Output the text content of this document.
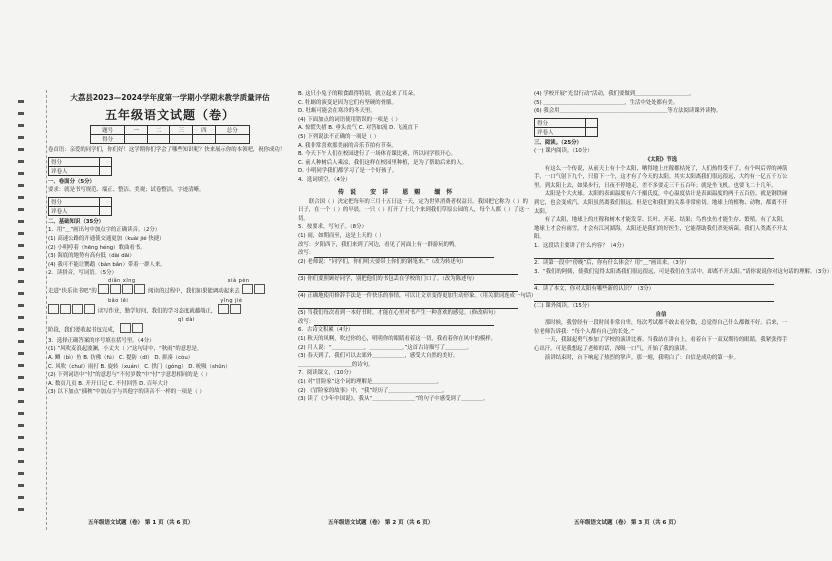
大荔县2023—2024学年度第一学期小学期末教学质量评估
五年级语文试题（卷）
题号	一	二	三	四	总分
得分					
卷首语：亲爱的同学们，你们好！这学期你们学会了哪些知识呢？快来展示你的本领吧，祝你成功！
得分	
评卷人	
一、卷面分（5分）
要求：就是书写规范、端正、整洁、美观；试卷整洁，字迹清晰。
得分	
评卷人	
二、基础知识（35分）
1．用“＿”画出句中加点字的正确读音。（2分）
(1) 高速公路的开通使交通更加（kuài jié 快捷）
(2) 小明哼着（hēng héng）歌曲看书。
(3) 海底的地势有高有低（dài dāi）
(4) 我可不能让鹦鹉（bàn bǎn）带着一群人来。
2．读拼音，写词语。（5分）
diǎn xīng	xià pèn
走进“快乐读书吧”的	阅读的过程中，我们如果能调动起来去
bǎo lěi	yǐng jiè
读写作业，勤学好问，我们的学习态度就越端正，
qī dài
阶段，我们要收起书包完成，
3．选择正确答案的序号填在括号里。（4分）
(1) “风吹麦浪起波澜，小丈夫（ ）”这句诗中，“秋雨”的意思是。
A. 鲫（bì）鱼 B. 仿佛（fú） C. 提防（dī） D. 拼凑（còu）
C. 风吹（chuī）雨打 B. 旋转（xuán） C. 拱门（gǒng） D. 吮吸（shǔn）
(2) 下列词语中“付”的意思与“不付岁数”中“付”字意思相同的是（ ）
A. 数页几页 B. 开开日记 C. 不付回答 D. 百年大计
(3) 以下加点“插秧”中加点字与其他字的读音不一样的一项是（ ）
五年级语文试题（卷） 第 1 页（共 6 页）
B. 这只小兔子的粮食跟得特别，就立起来了耳朵。
C. 牡蛎的演变是因为它们有坚硬的骨骼。
D. 牡蛎可能会在寒冷的冬天里。
(4) 下面加点的词语使用错误的一项是（ ）
A. 惊慌失措 B. 垂头丧气 C. 对答如流 D. 飞流直下
(5) 下列说法不正确的一项是（ ）
A. 我非常喜欢那美丽的音乐节拍有节奏。
B. 今天下午人们在校园进行了一场体育课比赛，所以同学很开心。
C. 前人种树后人乘凉，我们这样在校园里种植，是为了帮助后来的人。
D. 小明同学我们都学习了是一个好孩子。
4．选词填空。（4分）
传说 安详 恩赐 缅怀
联合国（ ）决定把每年的三月十五日这一天，定为世界消费者权益日。我国把它称为（ ）的日子，在一个（ ）的早晨，一只（ ）打开了十几个来到我们草原公园的人，每个人都（ ）了这一切。
5．按要求，写句子。（8分）
(1) 雨，如期而至，这是上天的（ ）
改写：夕阳西下，我们来到了河边，看见了河面上有一群游玩的鸭。
改写：
(2) 老师说：“同学们，你们明天要带上你们的钢笔来。”（改为转述句）
(3) 你们要照顾好同学，别把他们的书包丢在学校的门口了。（改为陈述句）
(4) 正确地使用修辞手法是一件快乐的事情，可以让文章变得更加生动形象。（用关联词连成一句话）
(5) 当我们每次看到一本好书时，才能在心里对书产生一种喜欢的感觉。（修改病句）
改写：
6．古诗文积累（4分）
(1) 秋天的风啊，吹过你的心，明明你的眼睛看着这一切，我看着你在风中的模样。
(2) 月人说：“＿＿＿＿＿＿，＿＿＿＿＿＿。”这首古诗描写了＿＿＿＿。
(3) 春天到了，我们可以去郊外＿＿＿＿＿＿，感受大自然的美好。
＿＿＿＿＿＿＿＿＿＿的诗句。
7．阅读课文，（10分）
(1) 对“冒险家”这个词的理解是＿＿＿＿＿＿＿＿＿＿＿＿。
(2) 《冒险家的故事》中，“我”经历了＿＿＿＿＿＿＿＿＿＿。
(3) 读了《少年中国说》，我从“＿＿＿＿＿＿＿＿”的句子中感受到了＿＿＿＿。
五年级语文试题（卷） 第 2 页（共 6 页）
(4) 学校开展“光盘行动”活动，我们要做到＿＿＿＿＿＿＿＿＿＿。
(5) ＿＿＿＿＿＿＿＿＿＿＿＿＿＿＿，生活中处处都有美。
(6) 我会用＿＿＿＿＿＿＿＿＿＿＿＿＿＿＿＿＿＿＿＿等方法阅读课外读物。
得分	
评卷人	
三、阅读。（25分）
(一) 课内阅读。（10分）
《太阳》节选
有这么一个传说，从前天上有十个太阳，晒得地上庄稼都枯死了，人们热得受不了。有个叫后羿的神箭手，一口气射下九个，只留下一个，这才有了今天的太阳。其实太阳离我们很远很远，大约有一亿五千万公里。到太阳上去，如果步行，日夜不停地走，差不多要走三千五百年；就是坐飞机，也要飞二十几年。
太阳是个大火球。太阳的表面温度有六千摄氏度，中心温度估计是表面温度的两千五百倍。就是钢铁碰到它，也会变成汽。太阳虽然离我们很远，但是它和我们的关系非常密切。地球上的植物、动物，都离不开太阳。
有了太阳，地球上的庄稼和树木才能发芽、长叶、开花、结果；鸟兽虫鱼才能生存、繁殖。有了太阳，地球上才会有雨雪，才会有江河湖海。太阳还是我们的好医生，它能帮助我们杀死病菌。我们人类离不开太阳。
1．这段话主要讲了什么内容？（4分）
2．读第一段中“傍晚”后，你有什么体会？用“＿”画出来。（3分）
3．“我们的阿姨，使我们觉得太阳离我们很远很远，可是我们在生活中，却离不开太阳。”请你说说你对这句话的理解。（3分）
4．读了本文，你对太阳有哪些新的认识？（3分）
(二) 课外阅读。（15分）
自信
那时候，我曾经有一段时间非常自卑，每次考试都不敢去看分数，总觉得自己什么都做不好。后来，一位老师告诉我：“每个人都有自己的长处。”
一天，我鼓起勇气参加了学校的演讲比赛。当我站在讲台上，看着台下一双双期待的眼睛，我紧张得手心出汗。可是我想起了老师的话，深吸一口气，开始了我的演讲。
演讲结束时，台下响起了热烈的掌声。那一刻，我明白了：自信是成功的第一步。
五年级语文试题（卷） 第 3 页（共 6 页）
